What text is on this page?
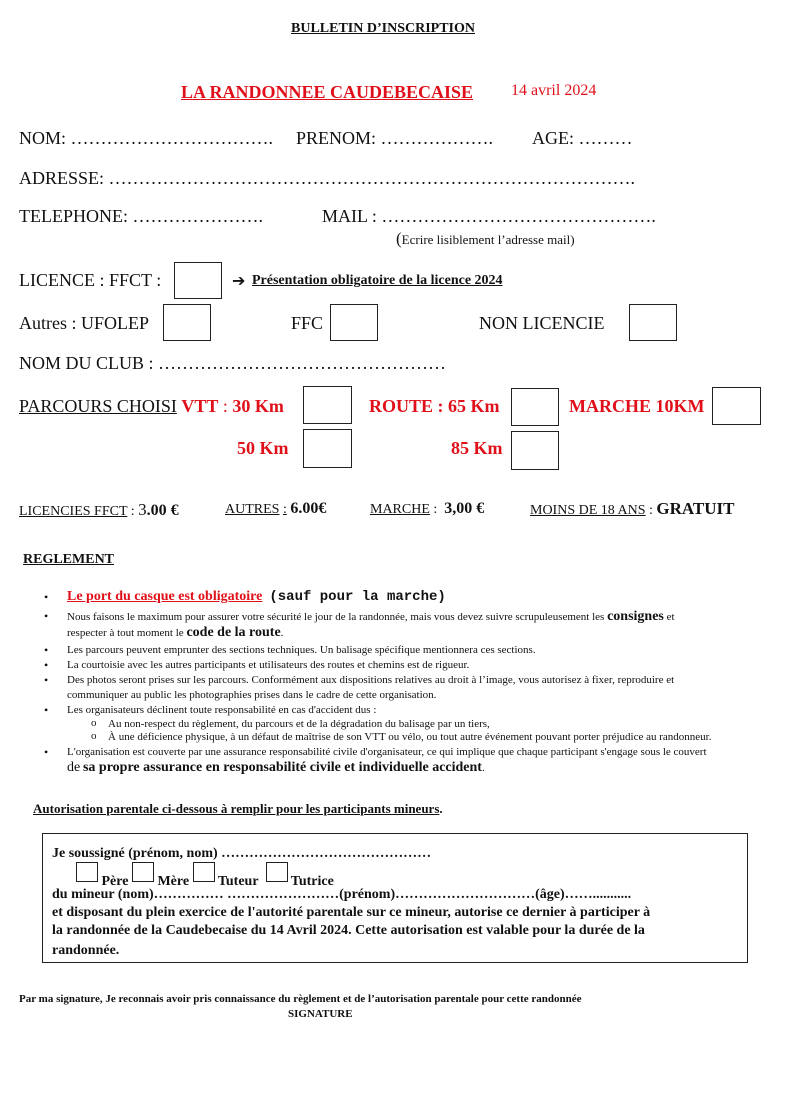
BULLETIN D’INSCRIPTION
LA RANDONNEE CAUDEBECAISE 14 avril 2024
NOM: ……………………………. PRENOM: ………………. AGE: ………
ADRESSE: …………………………………………………………………………….
TELEPHONE: ………………….	MAIL : ……………………………………….
(Ecrire lisiblement l’adresse mail)
LICENCE : FFCT :	➔ Présentation obligatoire de la licence 2024
Autres : UFOLEP	FFC	NON LICENCIE
NOM DU CLUB : …………………………………………
PARCOURS CHOISI VTT : 30 Km	ROUTE : 65 Km	MARCHE 10KM
50 Km	85 Km
LICENCIES FFCT : 3.00 €	AUTRES : 6.00€	MARCHE : 3,00 €	MOINS DE 18 ANS : GRATUIT
REGLEMENT
• Le port du casque est obligatoire (sauf pour la marche)
• Nous faisons le maximum pour assurer votre sécurité le jour de la randonnée, mais vous devez suivre scrupuleusement les consignes et
respecter à tout moment le code de la route.
• Les parcours peuvent emprunter des sections techniques. Un balisage spécifique mentionnera ces sections.
• La courtoisie avec les autres participants et utilisateurs des routes et chemins est de rigueur.
• Des photos seront prises sur les parcours. Conformément aux dispositions relatives au droit à l’image, vous autorisez à fixer, reproduire et
communiquer au public les photographies prises dans le cadre de cette organisation.
• Les organisateurs déclinent toute responsabilité en cas d'accident dus :
o Au non-respect du règlement, du parcours et de la dégradation du balisage par un tiers,
o À une déficience physique, à un défaut de maîtrise de son VTT ou vélo, ou tout autre événement pouvant porter préjudice au randonneur.
• L'organisation est couverte par une assurance responsabilité civile d'organisateur, ce qui implique que chaque participant s'engage sous le couvert
de sa propre assurance en responsabilité civile et individuelle accident.
Autorisation parentale ci-dessous à remplir pour les participants mineurs.
Je soussigné (prénom, nom) ………………………………………
Père Mère Tuteur Tutrice
du mineur (nom)…………… ……………………(prénom)…………………………(âge)……...........
et disposant du plein exercice de l'autorité parentale sur ce mineur, autorise ce dernier à participer à
la randonnée de la Caudebecaise du 14 Avril 2024. Cette autorisation est valable pour la durée de la
randonnée.
Par ma signature, Je reconnais avoir pris connaissance du règlement et de l’autorisation parentale pour cette randonnée
SIGNATURE
